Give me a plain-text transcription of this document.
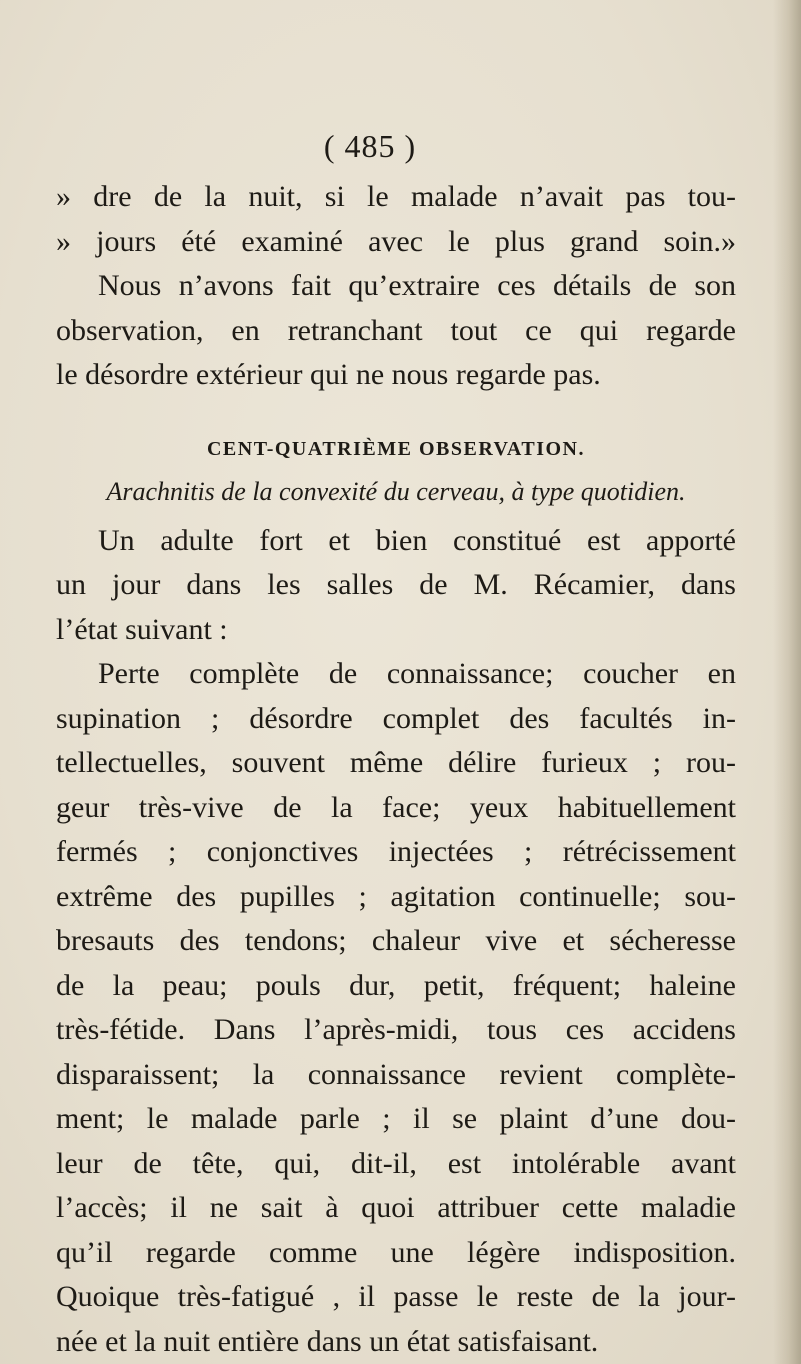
( 485 )
» dre de la nuit, si le malade n’avait pas tou-
» jours été examiné avec le plus grand soin.»
Nous n’avons fait qu’extraire ces détails de son
observation, en retranchant tout ce qui regarde
le désordre extérieur qui ne nous regarde pas.
CENT-QUATRIÈME OBSERVATION.
Arachnitis de la convexité du cerveau, à type quotidien.
Un adulte fort et bien constitué est apporté
un jour dans les salles de M. Récamier, dans
l’état suivant :
Perte complète de connaissance; coucher en
supination ; désordre complet des facultés in-
tellectuelles, souvent même délire furieux ; rou-
geur très-vive de la face; yeux habituellement
fermés ; conjonctives injectées ; rétrécissement
extrême des pupilles ; agitation continuelle; sou-
bresauts des tendons; chaleur vive et sécheresse
de la peau; pouls dur, petit, fréquent; haleine
très-fétide. Dans l’après-midi, tous ces accidens
disparaissent; la connaissance revient complète-
ment; le malade parle ; il se plaint d’une dou-
leur de tête, qui, dit-il, est intolérable avant
l’accès; il ne sait à quoi attribuer cette maladie
qu’il regarde comme une légère indisposition.
Quoique très-fatigué , il passe le reste de la jour-
née et la nuit entière dans un état satisfaisant.
